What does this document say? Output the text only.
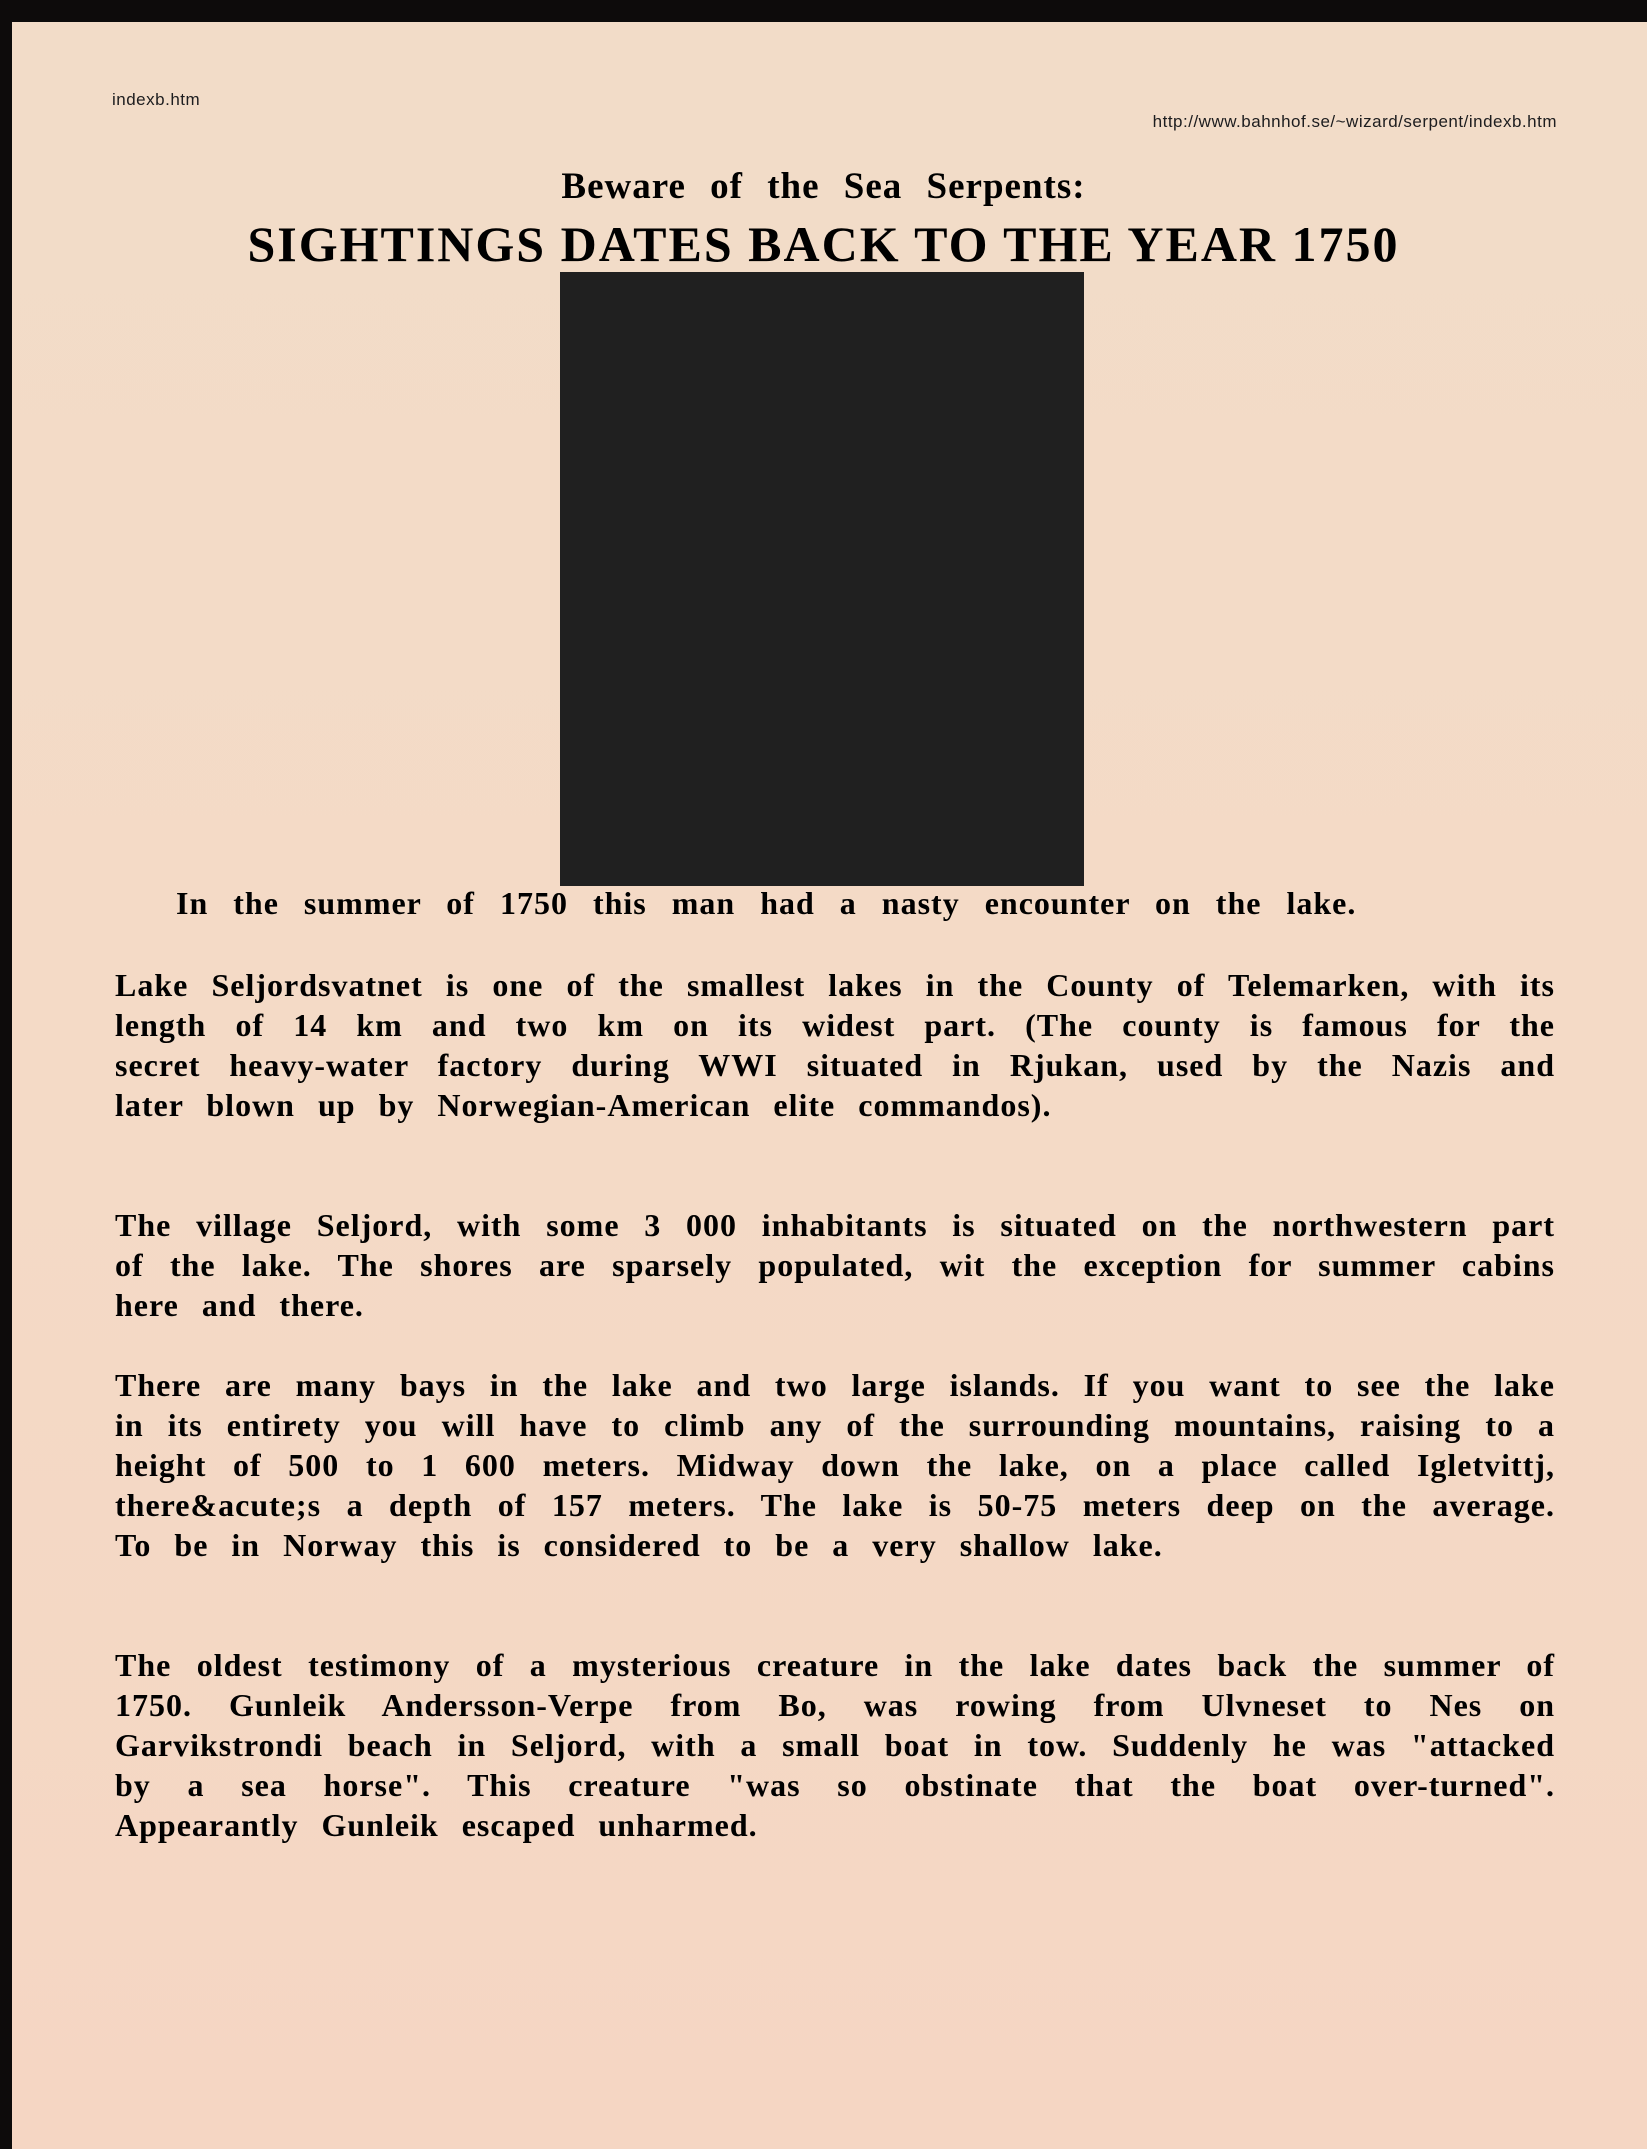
indexb.htm
http://www.bahnhof.se/~wizard/serpent/indexb.htm
Beware of the Sea Serpents:
SIGHTINGS DATES BACK TO THE YEAR 1750
In the summer of 1750 this man had a nasty encounter on the lake.
Lake Seljordsvatnet is one of the smallest lakes in the County of Telemarken, with its length of 14 km and two km on its widest part. (The county is famous for the secret heavy-water factory during WWI situated in Rjukan, used by the Nazis and later blown up by Norwegian-American elite commandos).
The village Seljord, with some 3 000 inhabitants is situated on the northwestern part of the lake. The shores are sparsely populated, wit the exception for summer cabins here and there.
There are many bays in the lake and two large islands. If you want to see the lake in its entirety you will have to climb any of the surrounding mountains, raising to a height of 500 to 1 600 meters. Midway down the lake, on a place called Igletvittj, there&acute;s a depth of 157 meters. The lake is 50-75 meters deep on the average. To be in Norway this is considered to be a very shallow lake.
The oldest testimony of a mysterious creature in the lake dates back the summer of 1750. Gunleik Andersson-Verpe from Bo, was rowing from Ulvneset to Nes on Garvikstrondi beach in Seljord, with a small boat in tow. Suddenly he was "attacked by a sea horse". This creature "was so obstinate that the boat over-turned". Appearantly Gunleik escaped unharmed.
